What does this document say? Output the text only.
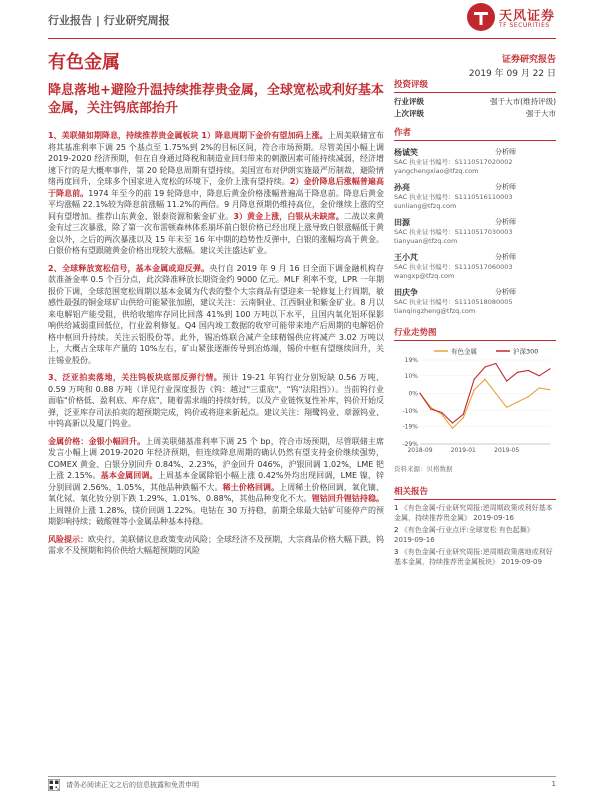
行业报告 | 行业研究周报	天风证券
TF SECURITIES
有色金属	证券研究报告
2019 年 09 月 22 日
降息落地+避险升温持续推荐贵金属，全球宽松或利好基本金属，关注钨底部抬升

1、美联储如期降息，持续推荐贵金属板块 1）降息周期下金价有望加码上涨。上周美联储宣布将其基准利率下调 25 个基点至 1.75%到 2%的目标区间，符合市场预期。尽管美国小幅上调 2019-2020 经济预期，但在自身通过降税和制造业回归带来的刺激因素可能持续减弱，经济增速下行的是大概率事件，第 20 轮降息周期有望持续。美国宣布对伊朗实施最严厉制裁，避险情绪再度回升，全球多个国家进入宽松的环境下，金价上涨有望持续。2）金价降息后涨幅普遍高于降息前。1974 年至今的前 19 轮降息中，降息后黄金价格涨幅普遍高于降息前。降息后黄金平均涨幅 22.1%较为降息前涨幅 11.2%的两倍。9 月降息预期仍维持高位，金价继续上涨的空间有望增加。推荐山东黄金、银泰资源和紫金矿业。3）黄金上涨，白银从未缺席。二战以来黄金有过三次暴涨，除了第一次布雷顿森林体系崩坏前白银价格已经出现上涨导致白银涨幅低于黄金以外，之后的两次暴涨以及 15 年末至 16 年中期的趋势性反弹中，白银的涨幅均高于黄金。白银价格有望跟随黄金价格出现较大涨幅。建议关注盛达矿业。

2、全球释放宽松信号，基本金属或迎反弹。央行自 2019 年 9 月 16 日全面下调金融机构存款准备金率 0.5 个百分点，此次降准释放长期资金约 9000 亿元。MLF 利率不变，LPR 一年期报价下调，全球范围宽松周期以基本金属为代表的整个大宗商品有望迎来一轮修复上行周期，敏感性最强的铜金球矿山供给可能紧张加剧，建议关注：云南铜业、江西铜业和紫金矿业。8 月以来电解铝产能受阻，供给收缩库存同比回落 41%到 100 万吨以下水平，且国内氧化铝环保影响供给减弱重回低位，行业盈利修复。Q4 国内竣工数据的收窄可能带来地产后周期的电解铝价格中枢回升持续。关注云铝股份等。此外，锡冶炼联合减产全球精锡供应将减产 3.02 万吨以上，大概占全球年产量的 10%左右，矿山紧张逐渐传导到冶炼端，锡价中枢有望继续回升，关注锡业股份。

3、泛亚拍卖落地，关注钨板块底部反弹行情。预计 19-21 年钨行业分别短缺 0.56 万吨、0.59 万吨和 0.88 万吨（详见行业深度报告《钨：越过"三重底"，"钨"法阻挡》）。当前钨行业面临"价格低、盈利底、库存底"，随着需求端的持续好转，以及产业链恢复性补库，钨价开始反弹，泛亚库存司法拍卖的超预期完成，钨价或将迎来新起点。建议关注：翔鹭钨业、章源钨业、中钨高新以及厦门钨业。

金属价格：金银小幅回升。上周美联储基准利率下调 25 个 bp，符合市场预期，尽管联储主席发言小幅上调 2019-2020 年经济预期，但连续降息周期的确认仍然有望支持金价继续强势，COMEX 黄金、白银分别回升 0.84%、2.23%，沪金回升 046%，沪银回调 1.02%，LME 钯上涨 2.15%。基本金属回调。上周基本金属除铝小幅上涨 0.42%外均出现回调，LME 镍、锌分别回调 2.56%、1.05%，其他品种跌幅不大。稀土价格回调。上周稀土价格回调，氧化镝、氧化铽、氧化钕分别下跌 1.29%、1.01%、0.88%，其他品种变化不大。锂钴回升锂钴持稳。上周锂价上涨 1.28%，镁价回调 1.22%。电钴在 30 万持稳，前期全球最大钴矿可能停产的预期影响持续；破酸锂等小金属品种基本持稳。

风险提示：欧央行、美联储议息政策变动风险；全球经济不及预期，大宗商品价格大幅下跌、钨需求不及预期和钨价供给大幅超预期的风险

投资评级
行业评级	强于大市(维持评级)
上次评级	强于大市
作者
杨诚笑	分析师
SAC 执业证书编号：S1110517020002
yangchengxiao@tfzq.com
孙亮	分析师
SAC 执业证书编号：S1110516110003
sunliang@tfzq.com
田源	分析师
SAC 执业证书编号：S1110517030003
tianyuan@tfzq.com
王小芃	分析师
SAC 执业证书编号：S1110517060003
wangxp@tfzq.com
田庆争	分析师
SAC 执业证书编号：S1110518080005
tianqingzheng@tfzq.com
行业走势图
19%
10%
0%
-10%
-19%
-29%
2018-09	2019-01	2019-05
有色金属	沪深300
资料来源：贝格数据
相关报告
1 《有色金属-行业研究周报:逆周期政策或利好基本金属，持续推荐贵金属》 2019-09-16
2 《有色金属-行业点评:全球宽松 有色起舞》 2019-09-16
3 《有色金属-行业研究周报:逆周期政策落地或利好基本金属，持续推荐贵金属板块》 2019-09-09
请务必阅读正文之后的信息披露和免责申明	1
